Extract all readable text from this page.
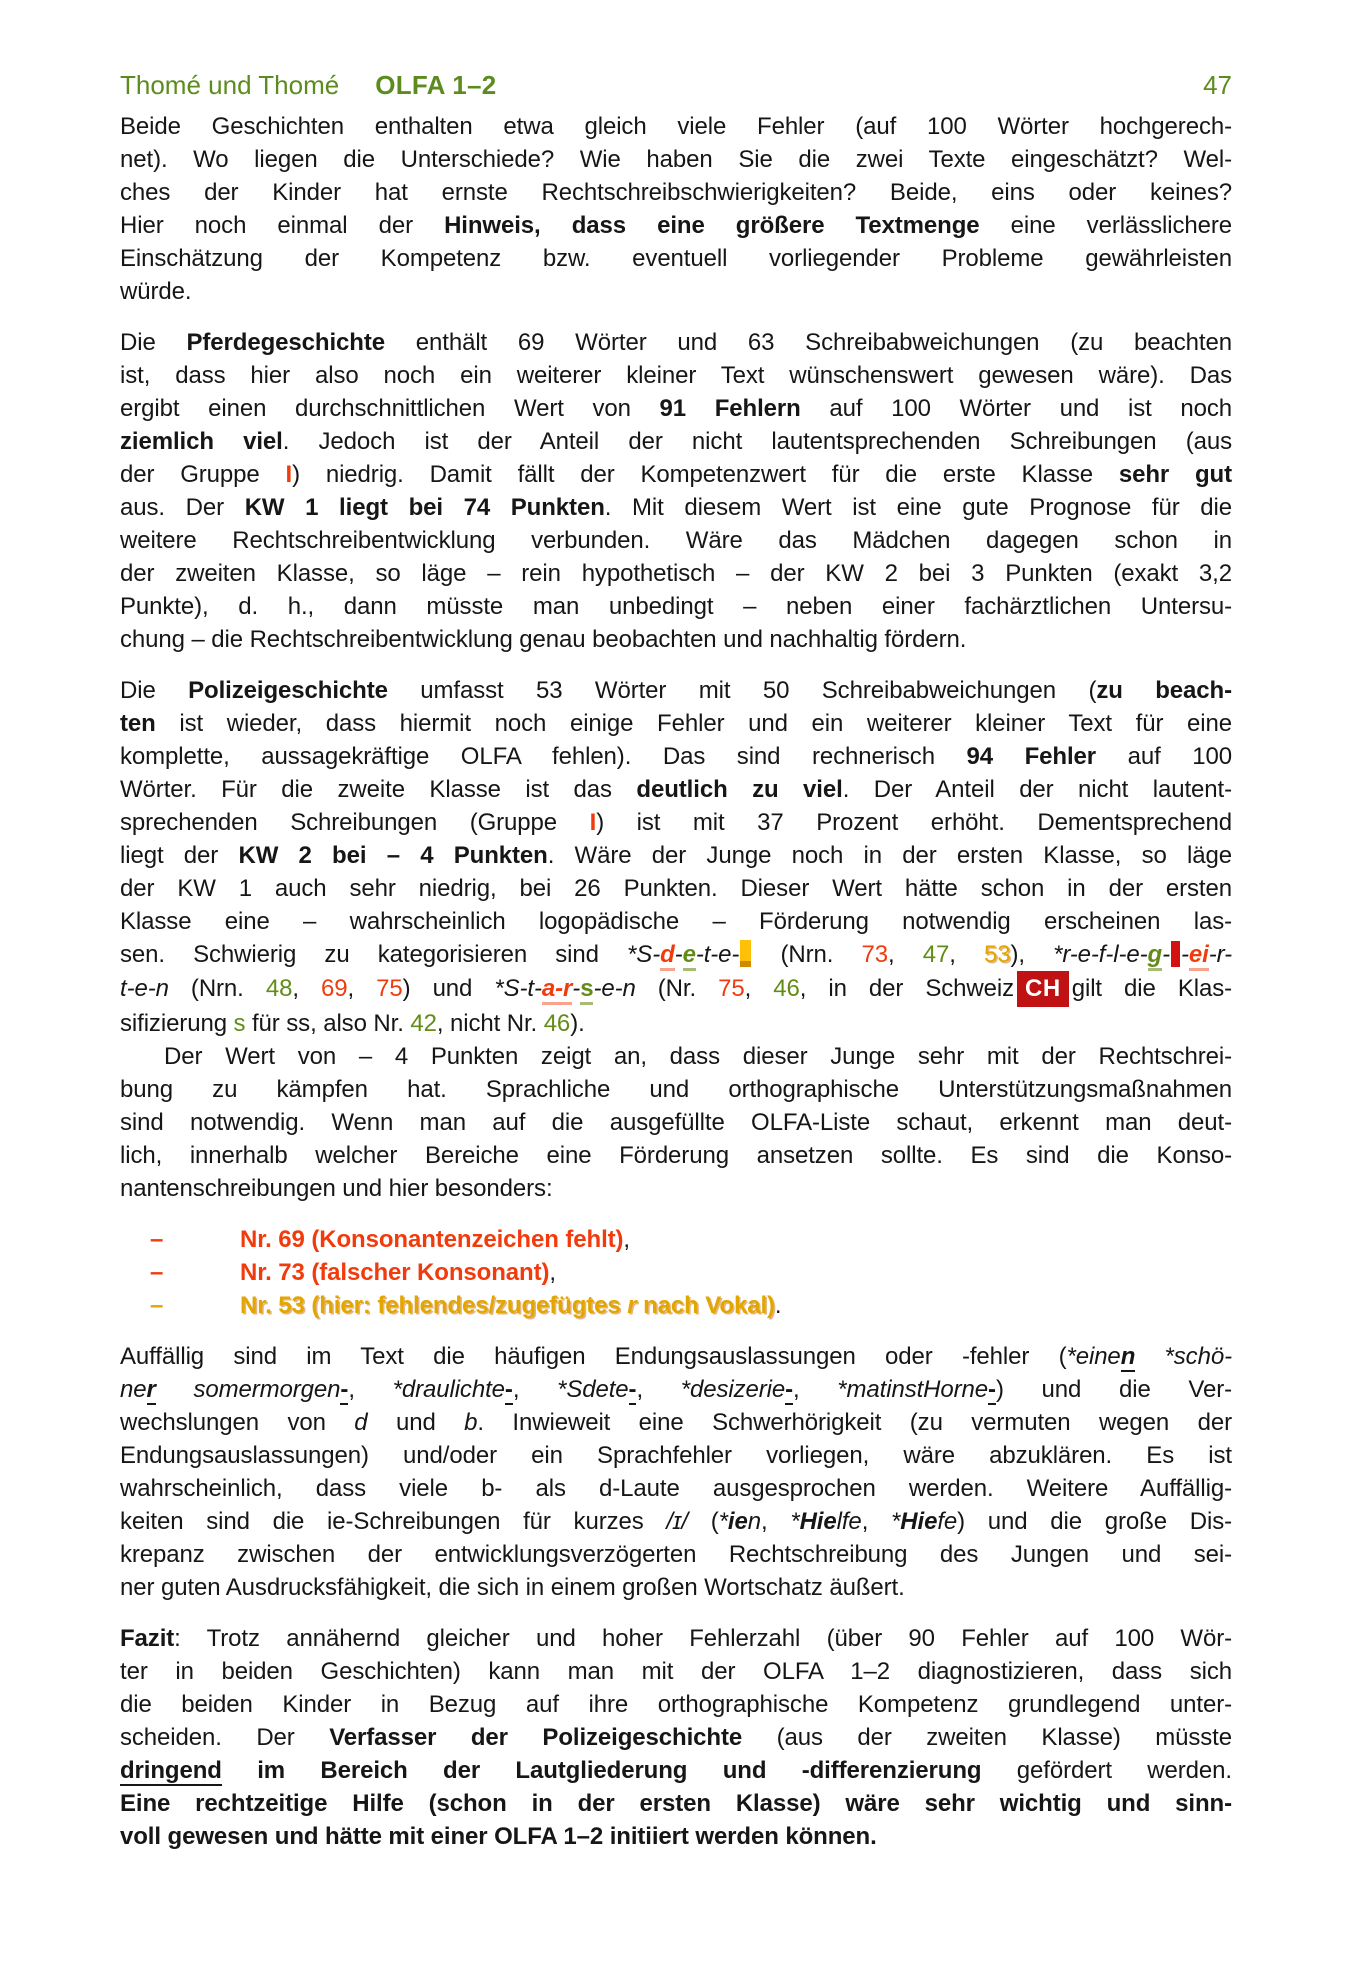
Thomé und Thomé OLFA 1–2	47
Beide Geschichten enthalten etwa gleich viele Fehler (auf 100 Wörter hochgerech-
net). Wo liegen die Unterschiede? Wie haben Sie die zwei Texte eingeschätzt? Wel-
ches der Kinder hat ernste Rechtschreibschwierigkeiten? Beide, eins oder keines?
Hier noch einmal der Hinweis, dass eine größere Textmenge eine verlässlichere
Einschätzung der Kompetenz bzw. eventuell vorliegender Probleme gewährleisten
würde.
Die Pferdegeschichte enthält 69 Wörter und 63 Schreibabweichungen (zu beachten
ist, dass hier also noch ein weiterer kleiner Text wünschenswert gewesen wäre). Das
ergibt einen durchschnittlichen Wert von 91 Fehlern auf 100 Wörter und ist noch
ziemlich viel. Jedoch ist der Anteil der nicht lautentsprechenden Schreibungen (aus
der Gruppe I) niedrig. Damit fällt der Kompetenzwert für die erste Klasse sehr gut
aus. Der KW 1 liegt bei 74 Punkten. Mit diesem Wert ist eine gute Prognose für die
weitere Rechtschreibentwicklung verbunden. Wäre das Mädchen dagegen schon in
der zweiten Klasse, so läge – rein hypothetisch – der KW 2 bei 3 Punkten (exakt 3,2
Punkte), d. h., dann müsste man unbedingt – neben einer fachärztlichen Untersu-
chung – die Rechtschreibentwicklung genau beobachten und nachhaltig fördern.
Die Polizeigeschichte umfasst 53 Wörter mit 50 Schreibabweichungen (zu beach-
ten ist wieder, dass hiermit noch einige Fehler und ein weiterer kleiner Text für eine
komplette, aussagekräftige OLFA fehlen). Das sind rechnerisch 94 Fehler auf 100
Wörter. Für die zweite Klasse ist das deutlich zu viel. Der Anteil der nicht lautent-
sprechenden Schreibungen (Gruppe I) ist mit 37 Prozent erhöht. Dementsprechend
liegt der KW 2 bei – 4 Punkten. Wäre der Junge noch in der ersten Klasse, so läge
der KW 1 auch sehr niedrig, bei 26 Punkten. Dieser Wert hätte schon in der ersten
Klasse eine – wahrscheinlich logopädische – Förderung notwendig erscheinen las-
sen. Schwierig zu kategorisieren sind *S-d-e-t-e- (Nrn. 73, 47, 53), *r-e-f-l-e-g- -ei-r-
t-e-n (Nrn. 48, 69, 75) und *S-t-a-r-s-e-n (Nr. 75, 46, in der Schweiz CH gilt die Klas-
sifizierung s für ss, also Nr. 42, nicht Nr. 46).
Der Wert von – 4 Punkten zeigt an, dass dieser Junge sehr mit der Rechtschrei-
bung zu kämpfen hat. Sprachliche und orthographische Unterstützungsmaßnahmen
sind notwendig. Wenn man auf die ausgefüllte OLFA-Liste schaut, erkennt man deut-
lich, innerhalb welcher Bereiche eine Förderung ansetzen sollte. Es sind die Konso-
nantenschreibungen und hier besonders:
–	Nr. 69 (Konsonantenzeichen fehlt),
–	Nr. 73 (falscher Konsonant),
–	Nr. 53 (hier: fehlendes/zugefügtes r nach Vokal).
Auffällig sind im Text die häufigen Endungsauslassungen oder -fehler (*einen *schö-
ner somermorgen-, *draulichte-, *Sdete-, *desizerie-, *matinstHorne-) und die Ver-
wechslungen von d und b. Inwieweit eine Schwerhörigkeit (zu vermuten wegen der
Endungsauslassungen) und/oder ein Sprachfehler vorliegen, wäre abzuklären. Es ist
wahrscheinlich, dass viele b- als d-Laute ausgesprochen werden. Weitere Auffällig-
keiten sind die ie-Schreibungen für kurzes /ɪ/ (*ien, *Hielfe, *Hiefe) und die große Dis-
krepanz zwischen der entwicklungsverzögerten Rechtschreibung des Jungen und sei-
ner guten Ausdrucksfähigkeit, die sich in einem großen Wortschatz äußert.
Fazit: Trotz annähernd gleicher und hoher Fehlerzahl (über 90 Fehler auf 100 Wör-
ter in beiden Geschichten) kann man mit der OLFA 1–2 diagnostizieren, dass sich
die beiden Kinder in Bezug auf ihre orthographische Kompetenz grundlegend unter-
scheiden. Der Verfasser der Polizeigeschichte (aus der zweiten Klasse) müsste
dringend im Bereich der Lautgliederung und -differenzierung gefördert werden.
Eine rechtzeitige Hilfe (schon in der ersten Klasse) wäre sehr wichtig und sinn-
voll gewesen und hätte mit einer OLFA 1–2 initiiert werden können.
